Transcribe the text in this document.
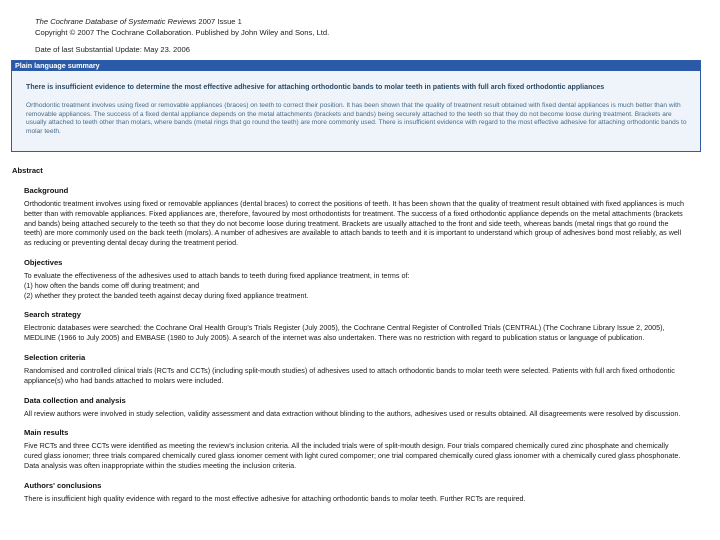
The Cochrane Database of Systematic Reviews 2007 Issue 1
Copyright © 2007 The Cochrane Collaboration. Published by John Wiley and Sons, Ltd.
Date of last Substantial Update: May 23. 2006
Plain language summary
There is insufficient evidence to determine the most effective adhesive for attaching orthodontic bands to molar teeth in patients with full arch fixed orthodontic appliances
Orthodontic treatment involves using fixed or removable appliances (braces) on teeth to correct their position. It has been shown that the quality of treatment result obtained with fixed dental appliances is much better than with removable appliances. The success of a fixed dental appliance depends on the metal attachments (brackets and bands) being securely attached to the teeth so that they do not become loose during treatment. Brackets are usually attached to teeth other than molars, where bands (metal rings that go round the teeth) are more commonly used. There is insufficient evidence with regard to the most effective adhesive for attaching orthodontic bands to molar teeth.
Abstract
Background

Orthodontic treatment involves using fixed or removable appliances (dental braces) to correct the positions of teeth. It has been shown that the quality of treatment result obtained with fixed appliances is much better than with removable appliances. Fixed appliances are, therefore, favoured by most orthodontists for treatment. The success of a fixed orthodontic appliance depends on the metal attachments (brackets and bands) being attached securely to the teeth so that they do not become loose during treatment. Brackets are usually attached to the front and side teeth, whereas bands (metal rings that go round the teeth) are more commonly used on the back teeth (molars). A number of adhesives are available to attach bands to teeth and it is important to understand which group of adhesives bond most reliably, as well as reducing or preventing dental decay during the treatment period.

Objectives

To evaluate the effectiveness of the adhesives used to attach bands to teeth during fixed appliance treatment, in terms of:

(1) how often the bands come off during treatment; and

(2) whether they protect the banded teeth against decay during fixed appliance treatment.

Search strategy

Electronic databases were searched: the Cochrane Oral Health Group's Trials Register (July 2005), the Cochrane Central Register of Controlled Trials (CENTRAL) (The Cochrane Library Issue 2, 2005), MEDLINE (1966 to July 2005) and EMBASE (1980 to July 2005). A search of the internet was also undertaken. There was no restriction with regard to publication status or language of publication.

Selection criteria

Randomised and controlled clinical trials (RCTs and CCTs) (including split-mouth studies) of adhesives used to attach orthodontic bands to molar teeth were selected. Patients with full arch fixed orthodontic appliance(s) who had bands attached to molars were included.

Data collection and analysis

All review authors were involved in study selection, validity assessment and data extraction without blinding to the authors, adhesives used or results obtained. All disagreements were resolved by discussion.

Main results

Five RCTs and three CCTs were identified as meeting the review's inclusion criteria. All the included trials were of split-mouth design. Four trials compared chemically cured zinc phosphate and chemically cured glass ionomer; three trials compared chemically cured glass ionomer cement with light cured compomer; one trial compared chemically cured glass ionomer with a chemically cured glass phosphonate. Data analysis was often inappropriate within the studies meeting the inclusion criteria.

Authors' conclusions

There is insufficient high quality evidence with regard to the most effective adhesive for attaching orthodontic bands to molar teeth. Further RCTs are required.
